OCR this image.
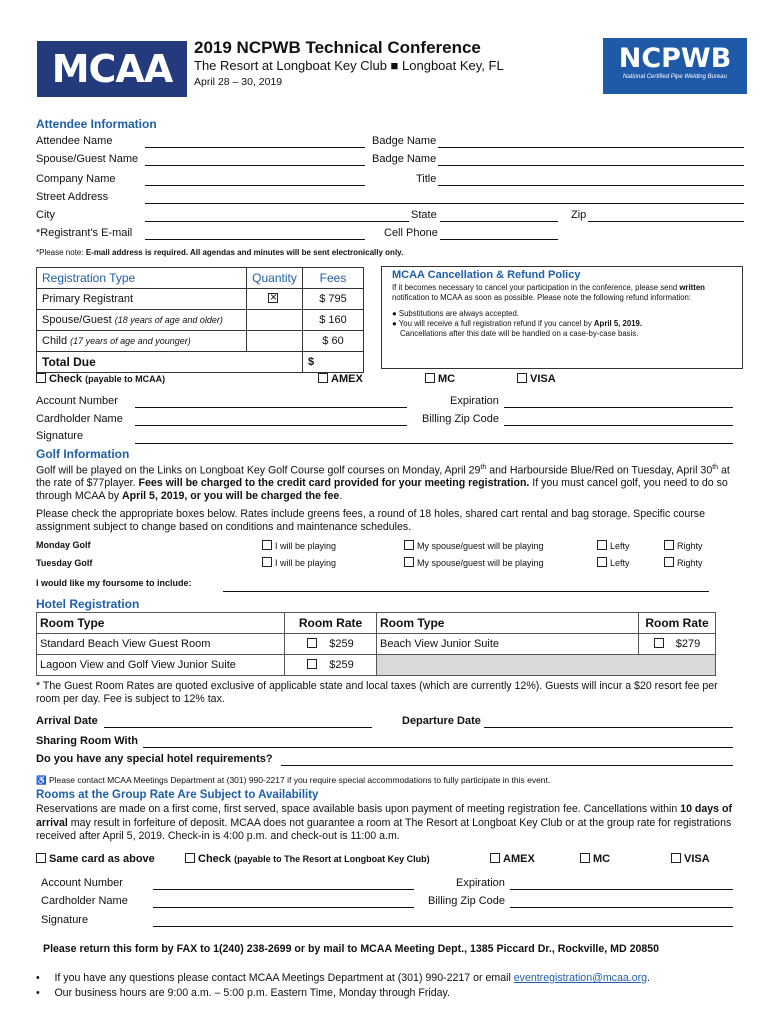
MCAA	2019 NCPWB Technical Conference
The Resort at Longboat Key Club ■ Longboat Key, FL
April 28 – 30, 2019
NCPWB
National Certified Pipe Welding Bureau
Attendee Information
Attendee Name	Badge Name
Spouse/Guest Name	Badge Name
Company Name	Title
Street Address
City	State	Zip
*Registrant's E-mail	Cell Phone
*Please note: E-mail address is required. All agendas and minutes will be sent electronically only.
Registration Type	Quantity	Fees
Primary Registrant	×	$ 795
Spouse/Guest (18 years of age and older)		$ 160
Child (17 years of age and younger)		$ 60
Total Due		$
MCAA Cancellation & Refund Policy
If it becomes necessary to cancel your participation in the conference, please send written notification to MCAA as soon as possible. Please note the following refund information:
● Substitutions are always accepted.
● You will receive a full registration refund if you cancel by April 5, 2019.
Cancellations after this date will be handled on a case-by-case basis.
Check (payable to MCAA)	AMEX	MC	VISA
Account Number	Expiration
Cardholder Name	Billing Zip Code
Signature
Golf Information
Golf will be played on the Links on Longboat Key Golf Course golf courses on Monday, April 29th and Harbourside Blue/Red on Tuesday, April 30th at the rate of $77player. Fees will be charged to the credit card provided for your meeting registration. If you must cancel golf, you need to do so through MCAA by April 5, 2019, or you will be charged the fee.
Please check the appropriate boxes below. Rates include greens fees, a round of 18 holes, shared cart rental and bag storage. Specific course assignment subject to change based on conditions and maintenance schedules.
Monday Golf	I will be playing	My spouse/guest will be playing	Lefty	Righty
Tuesday Golf	I will be playing	My spouse/guest will be playing	Lefty	Righty
I would like my foursome to include:
Hotel Registration
Room Type	Room Rate	Room Type	Room Rate
Standard Beach View Guest Room	$259	Beach View Junior Suite	$279
Lagoon View and Golf View Junior Suite	$259		
* The Guest Room Rates are quoted exclusive of applicable state and local taxes (which are currently 12%). Guests will incur a $20 resort fee per room per day. Fee is subject to 12% tax.
Arrival Date	Departure Date
Sharing Room With
Do you have any special hotel requirements?
♿ Please contact MCAA Meetings Department at (301) 990-2217 if you require special accommodations to fully participate in this event.
Rooms at the Group Rate Are Subject to Availability
Reservations are made on a first come, first served, space available basis upon payment of meeting registration fee. Cancellations within 10 days of arrival may result in forfeiture of deposit. MCAA does not guarantee a room at The Resort at Longboat Key Club or at the group rate for registrations received after April 5, 2019. Check-in is 4:00 p.m. and check-out is 11:00 a.m.
Same card as above	Check (payable to The Resort at Longboat Key Club)	AMEX	MC	VISA
Account Number	Expiration
Cardholder Name	Billing Zip Code
Signature
Please return this form by FAX to 1(240) 238-2699 or by mail to MCAA Meeting Dept., 1385 Piccard Dr., Rockville, MD 20850
•     If you have any questions please contact MCAA Meetings Department at (301) 990-2217 or email eventregistration@mcaa.org.
•     Our business hours are 9:00 a.m. – 5:00 p.m. Eastern Time, Monday through Friday.
